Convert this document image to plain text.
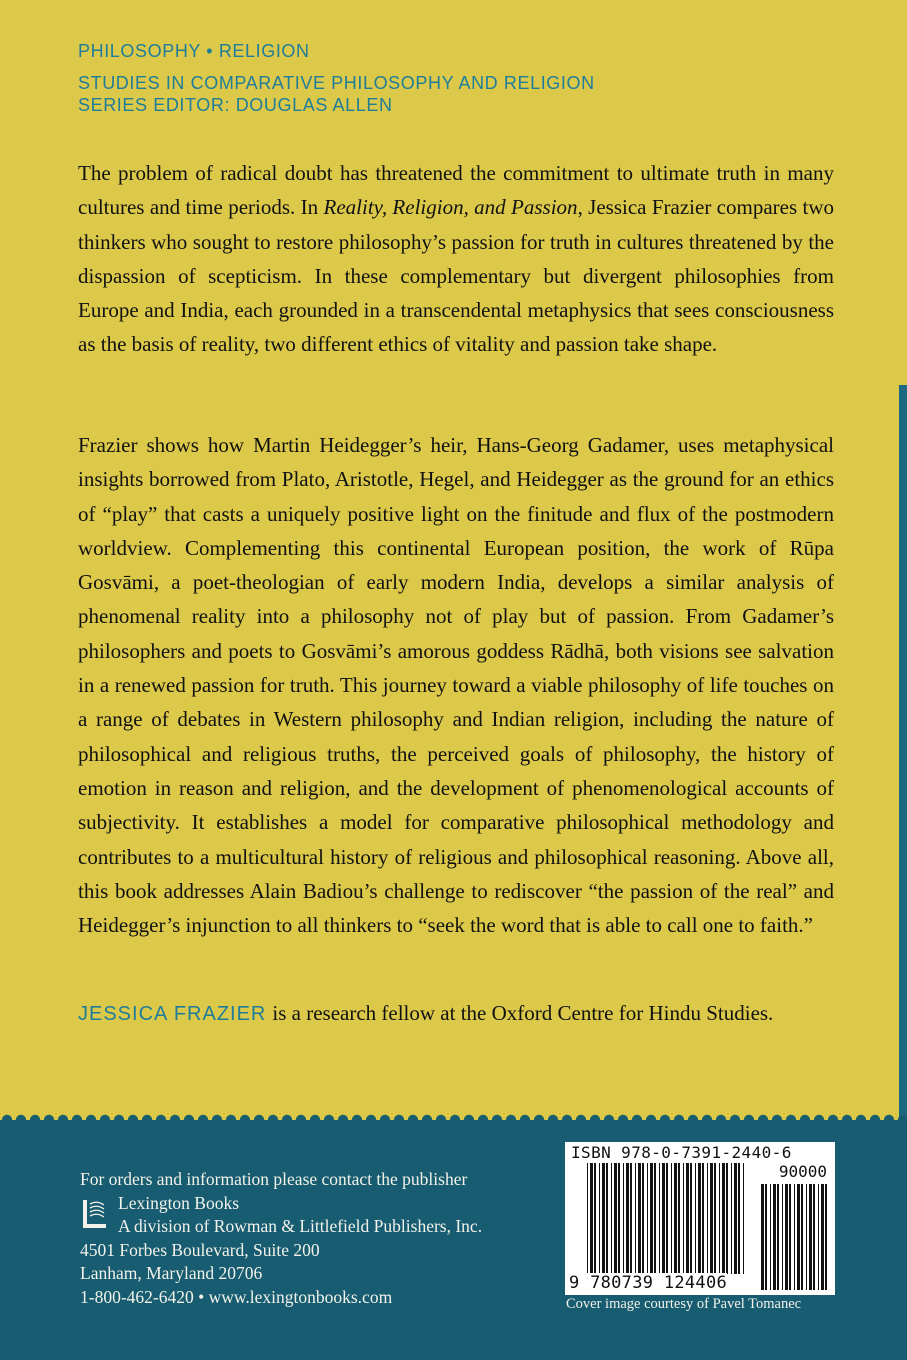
PHILOSOPHY • RELIGION
STUDIES IN COMPARATIVE PHILOSOPHY AND RELIGION
SERIES EDITOR: DOUGLAS ALLEN

The problem of radical doubt has threatened the commitment to ultimate truth in many cultures and time periods. In Reality, Religion, and Passion, Jessica Frazier compares two thinkers who sought to restore philosophy’s passion for truth in cultures threatened by the dispassion of scepticism. In these complementary but divergent philosophies from Europe and India, each grounded in a transcendental metaphysics that sees consciousness as the basis of reality, two different ethics of vitality and passion take shape.

Frazier shows how Martin Heidegger’s heir, Hans-Georg Gadamer, uses metaphysical insights borrowed from Plato, Aristotle, Hegel, and Heidegger as the ground for an ethics of “play” that casts a uniquely positive light on the finitude and flux of the postmodern worldview. Complementing this continental European position, the work of Rūpa Gosvāmi, a poet-theologian of early modern India, develops a similar analysis of phenomenal reality into a philosophy not of play but of passion. From Gadamer’s philosophers and poets to Gosvāmi’s amorous goddess Rādhā, both visions see salvation in a renewed passion for truth. This journey toward a viable philosophy of life touches on a range of debates in Western philosophy and Indian religion, including the nature of philosophical and religious truths, the perceived goals of philosophy, the history of emotion in reason and religion, and the development of phenomenological accounts of subjectivity. It establishes a model for comparative philosophical methodology and contributes to a multicultural history of religious and philosophical reasoning. Above all, this book addresses Alain Badiou’s challenge to rediscover “the passion of the real” and Heidegger’s injunction to all thinkers to “seek the word that is able to call one to faith.”

JESSICA FRAZIER is a research fellow at the Oxford Centre for Hindu Studies.
For orders and information please contact the publisher
Lexington Books
A division of Rowman & Littlefield Publishers, Inc.
4501 Forbes Boulevard, Suite 200
Lanham, Maryland 20706
1-800-462-6420 • www.lexingtonbooks.com
ISBN 978-0-7391-2440-6
90000
9 780739 124406
Cover image courtesy of Pavel Tomanec
